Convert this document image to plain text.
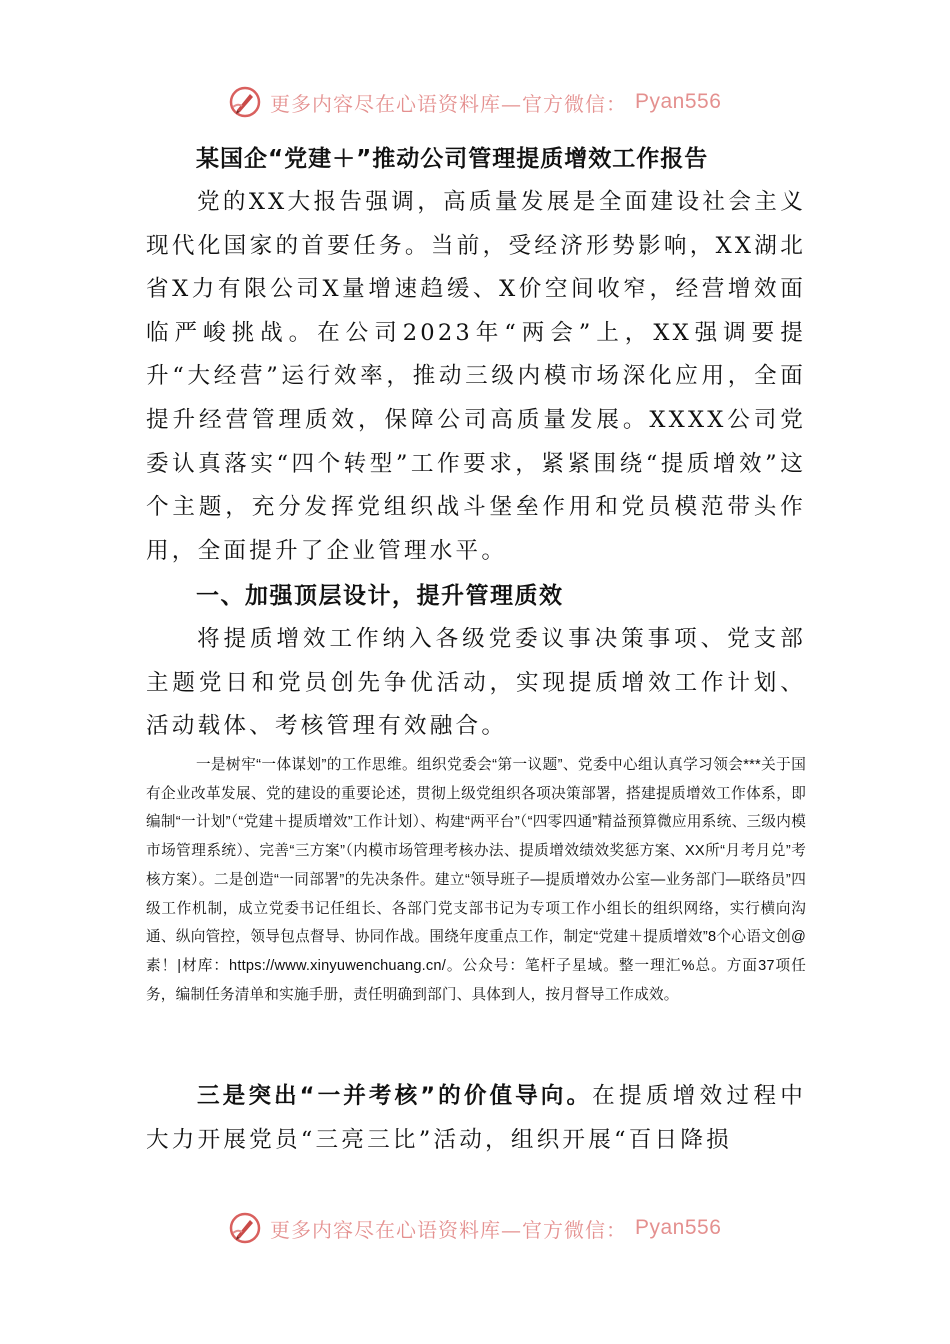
更多内容尽在心语资料库—官方微信： Pyan556
某国企“党建＋”推动公司管理提质增效工作报告

党的XX大报告强调，高质量发展是全面建设社会主义现代化国家的首要任务。当前，受经济形势影响，XX湖北省X力有限公司X量增速趋缓、X价空间收窄，经营增效面临严峻挑战。在公司2023年“两会”上，XX强调要提升“大经营”运行效率，推动三级内模市场深化应用，全面提升经营管理质效，保障公司高质量发展。XXXX公司党委认真落实“四个转型”工作要求，紧紧围绕“提质增效”这个主题，充分发挥党组织战斗堡垒作用和党员模范带头作用，全面提升了企业管理水平。

一、加强顶层设计，提升管理质效

将提质增效工作纳入各级党委议事决策事项、党支部主题党日和党员创先争优活动，实现提质增效工作计划、活动载体、考核管理有效融合。

一是树牢“一体谋划”的工作思维。组织党委会“第一议题”、党委中心组认真学习领会***关于国有企业改革发展、党的建设的重要论述，贯彻上级党组织各项决策部署，搭建提质增效工作体系，即编制“一计划”（“党建＋提质增效”工作计划）、构建“两平台”（“四零四通”精益预算微应用系统、三级内模市场管理系统）、完善“三方案”（内模市场管理考核办法、提质增效绩效奖惩方案、XX所“月考月兑”考核方案）。二是创造“一同部署”的先决条件。建立“领导班子—提质增效办公室—业务部门—联络员”四级工作机制，成立党委书记任组长、各部门党支部书记为专项工作小组长的组织网络，实行横向沟通、纵向管控，领导包点督导、协同作战。围绕年度重点工作，制定“党建＋提质增效”8个心语文创@素！|材库：https://www.xinyuwenchuang.cn/。公众号：笔杆子星域。整一理汇%总。方面37项任务，编制任务清单和实施手册，责任明确到部门、具体到人，按月督导工作成效。

三是突出“一并考核”的价值导向。在提质增效过程中大力开展党员“三亮三比”活动，组织开展“百日降损

更多内容尽在心语资料库—官方微信： Pyan556
